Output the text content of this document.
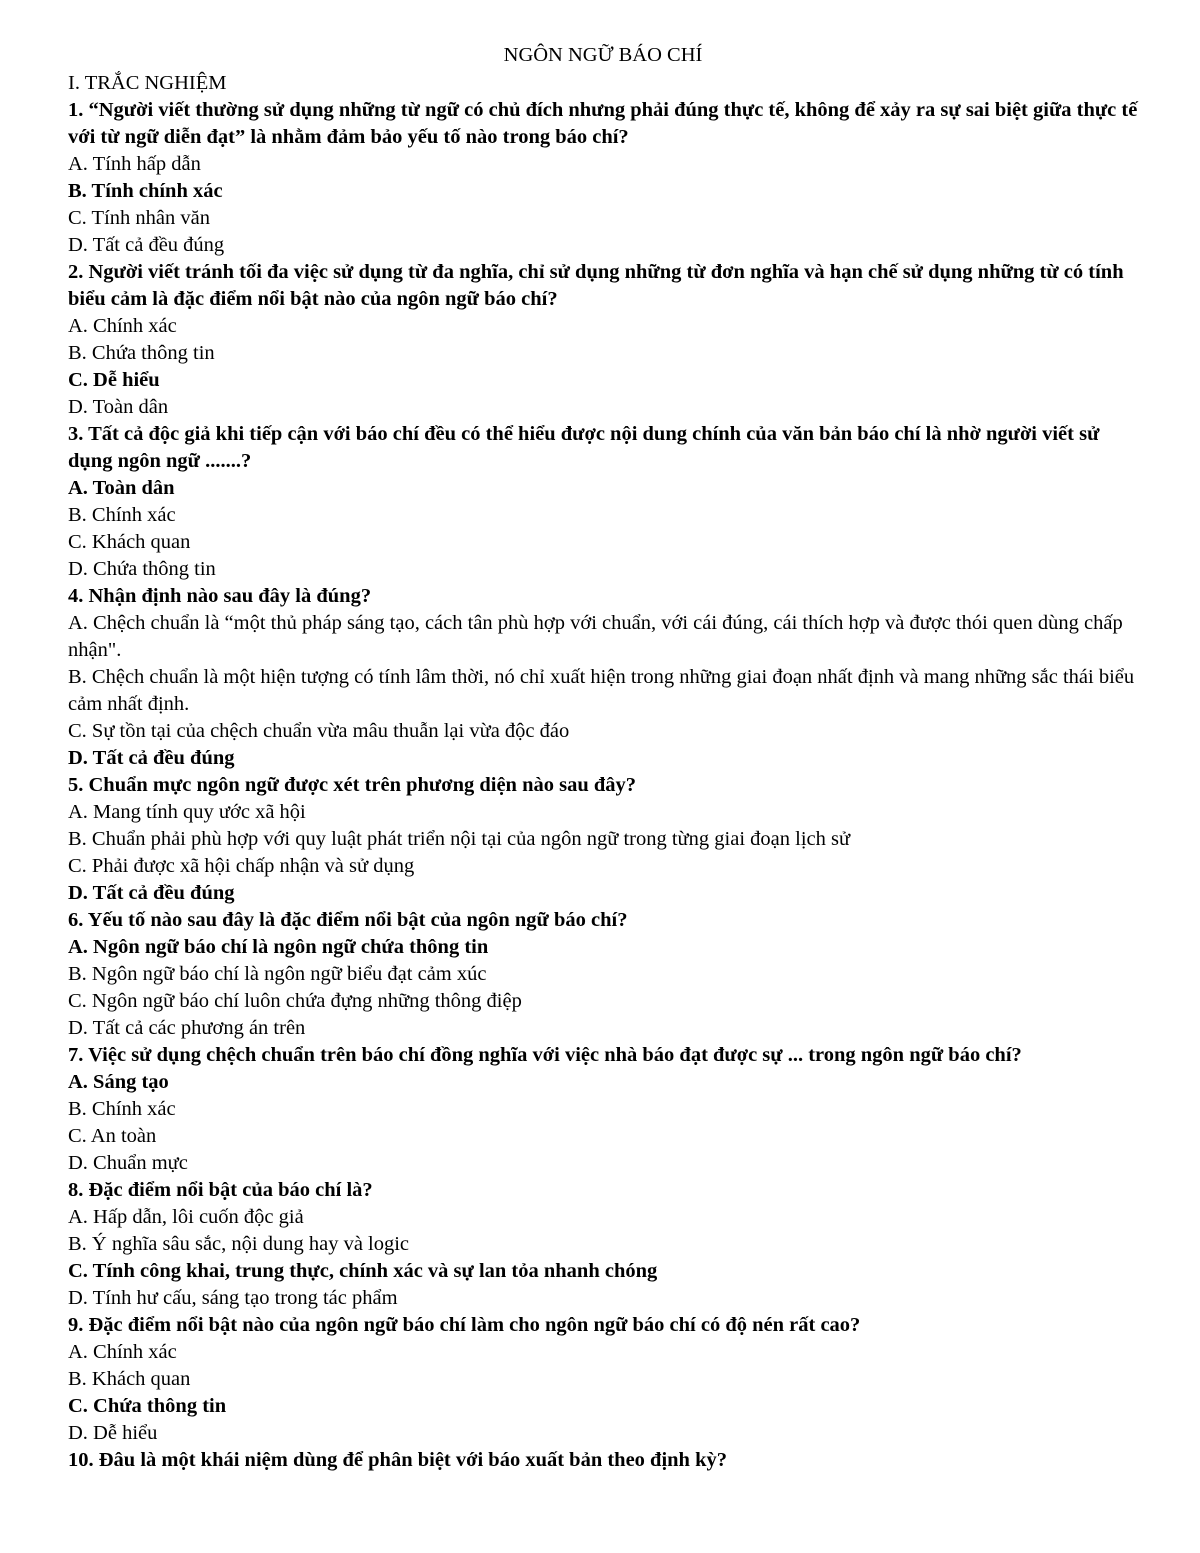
NGÔN NGỮ BÁO CHÍ
I. TRẮC NGHIỆM
1. “Người viết thường sử dụng những từ ngữ có chủ đích nhưng phải đúng thực tế, không để xảy ra sự sai biệt giữa thực tế với từ ngữ diễn đạt” là nhằm đảm bảo yếu tố nào trong báo chí?
A. Tính hấp dẫn
B. Tính chính xác
C. Tính nhân văn
D. Tất cả đều đúng
2. Người viết tránh tối đa việc sử dụng từ đa nghĩa, chỉ sử dụng những từ đơn nghĩa và hạn chế sử dụng những từ có tính biểu cảm là đặc điểm nổi bật nào của ngôn ngữ báo chí?
A. Chính xác
B. Chứa thông tin
C. Dễ hiểu
D. Toàn dân
3. Tất cả độc giả khi tiếp cận với báo chí đều có thể hiểu được nội dung chính của văn bản báo chí là nhờ người viết sử dụng ngôn ngữ .......?
A. Toàn dân
B. Chính xác
C. Khách quan
D. Chứa thông tin
4. Nhận định nào sau đây là đúng?
A. Chệch chuẩn là “một thủ pháp sáng tạo, cách tân phù hợp với chuẩn, với cái đúng, cái thích hợp và được thói quen dùng chấp nhận".
B. Chệch chuẩn là một hiện tượng có tính lâm thời, nó chỉ xuất hiện trong những giai đoạn nhất định và mang những sắc thái biểu cảm nhất định.
C. Sự tồn tại của chệch chuẩn vừa mâu thuẫn lại vừa độc đáo
D. Tất cả đều đúng
5. Chuẩn mực ngôn ngữ được xét trên phương diện nào sau đây?
A. Mang tính quy ước xã hội
B. Chuẩn phải phù hợp với quy luật phát triển nội tại của ngôn ngữ trong từng giai đoạn lịch sử
C. Phải được xã hội chấp nhận và sử dụng
D. Tất cả đều đúng
6. Yếu tố nào sau đây là đặc điểm nổi bật của ngôn ngữ báo chí?
A. Ngôn ngữ báo chí là ngôn ngữ chứa thông tin
B. Ngôn ngữ báo chí là ngôn ngữ biểu đạt cảm xúc
C. Ngôn ngữ báo chí luôn chứa đựng những thông điệp
D. Tất cả các phương án trên
7. Việc sử dụng chệch chuẩn trên báo chí đồng nghĩa với việc nhà báo đạt được sự ... trong ngôn ngữ báo chí?
A. Sáng tạo
B. Chính xác
C. An toàn
D. Chuẩn mực
8. Đặc điểm nổi bật của báo chí là?
A. Hấp dẫn, lôi cuốn độc giả
B. Ý nghĩa sâu sắc, nội dung hay và logic
C. Tính công khai, trung thực, chính xác và sự lan tỏa nhanh chóng
D. Tính hư cấu, sáng tạo trong tác phẩm
9. Đặc điểm nổi bật nào của ngôn ngữ báo chí làm cho ngôn ngữ báo chí có độ nén rất cao?
A. Chính xác
B. Khách quan
C. Chứa thông tin
D. Dễ hiểu
10. Đâu là một khái niệm dùng để phân biệt với báo xuất bản theo định kỳ?
